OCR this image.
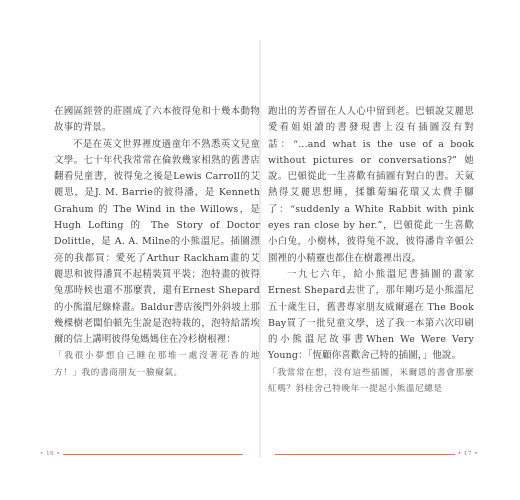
在國區經營的莊園成了六本彼得兔和十幾本動物故事的背景。

不是在英文世界裡度過童年不熟悉英文兒童文學。七十年代我常常在倫敦幾家相熟的舊書店翻看兒童書，彼得兔之後是Lewis Carroll的艾麗思，是J. M. Barrie的彼得潘，是 Kenneth Grahum 的 The Wind in the Willows，是 Hugh Lofting 的 The Story of Doctor Dolittle，是 A. A. Milne的小熊溫尼。插圖漂亮的我都買：愛死了Arthur Rackham畫的艾麗思和彼得潘買不起精裝買平裝；泡特畫的彼得兔那時候也還不那麼貴，還有Ernest Shepard的小熊溫尼線條畫。Baldur書店後門外斜坡上那幾棵樹老闆伯頓先生說是泡特栽的，泡特給諾埃爾的信上講明彼得兔媽媽住在冷杉樹根裡：

「我很小夢想自己睡在那堆一處沒著花香的地方！」我的書商朋友一臉癡氣。

• 16 •

跑出的芳香留在人人心中留到老。巴頓說艾麗思愛看姐姐讀的書發現書上沒有插圖沒有對話：“...and what is the use of a book without pictures or conversations?” 她說。巴頓從此一生喜歡有插圖有對白的書。天氣熱得艾麗思想睡，揉雛菊編花環又太費手腳了：“suddenly a White Rabbit with pink eyes ran close by her.”，巴頓從此一生喜歡小白兔，小樹林，彼得兔不說，彼得潘肯辛頓公園裡的小精靈也都住在樹叢裡出沒。

一九七六年，給小熊溫尼書插圖的畫家 Ernest Shepard去世了，那年剛巧是小熊溫尼五十歲生日，舊書專家朋友威爾遜在 The Book Bay買了一批兒童文學，送了我一本第六次印刷的小熊溫尼故事書When We Were Very Young：「恆顧你喜歡舍己特的插圖，」他說。

「我常常在想，沒有這些插圖，米爾恩的書會那麼紅嗎？斜桂舍己特晚年一提起小熊溫尼總是

• 17 •
